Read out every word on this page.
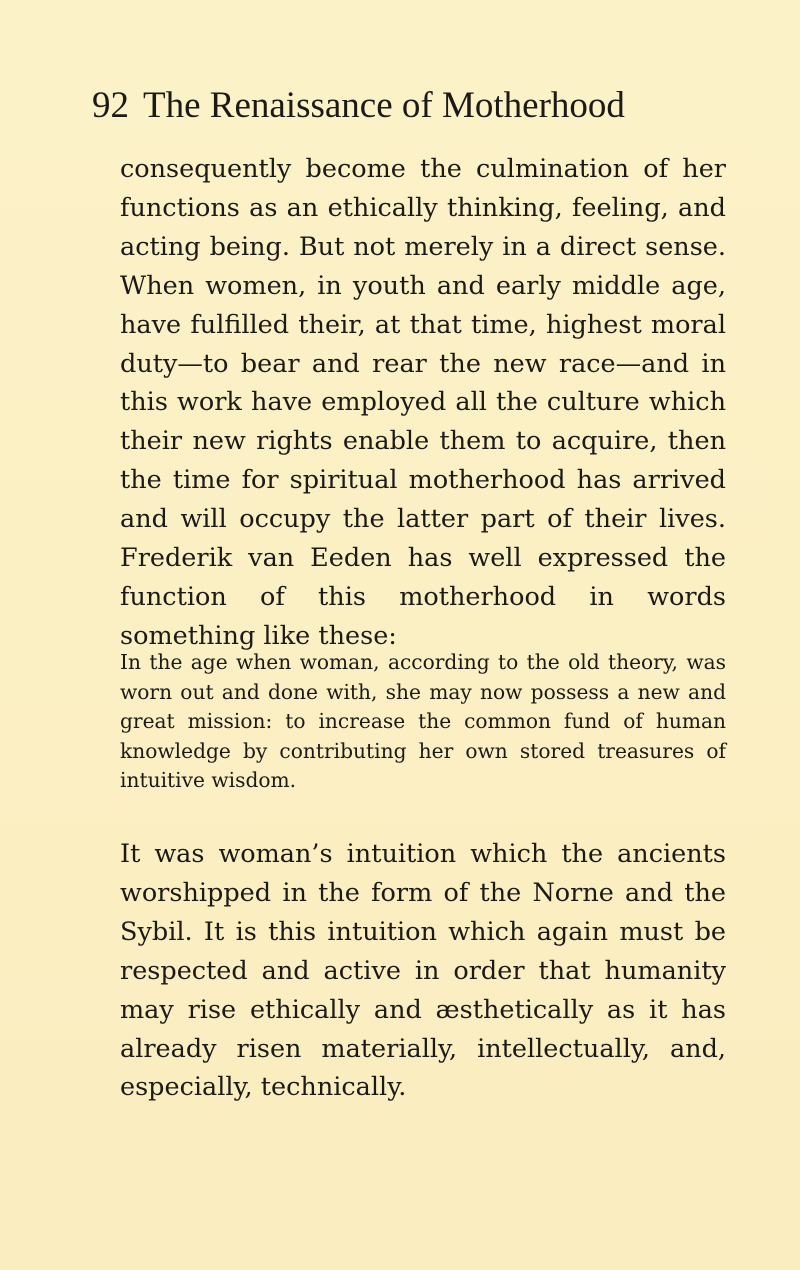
92 The Renaissance of Motherhood

consequently become the culmination of her functions as an ethically thinking, feeling, and acting being. But not merely in a direct sense. When women, in youth and early middle age, have fulfilled their, at that time, highest moral duty—to bear and rear the new race—and in this work have employed all the culture which their new rights enable them to acquire, then the time for spiritual motherhood has arrived and will occupy the latter part of their lives. Frederik van Eeden has well expressed the function of this motherhood in words something like these:

In the age when woman, according to the old theory, was worn out and done with, she may now possess a new and great mission: to increase the common fund of human knowledge by contributing her own stored treasures of intuitive wisdom.

It was woman’s intuition which the ancients worshipped in the form of the Norne and the Sybil. It is this intuition which again must be respected and active in order that humanity may rise ethically and æsthetically as it has already risen materially, intellectually, and, especially, technically.
